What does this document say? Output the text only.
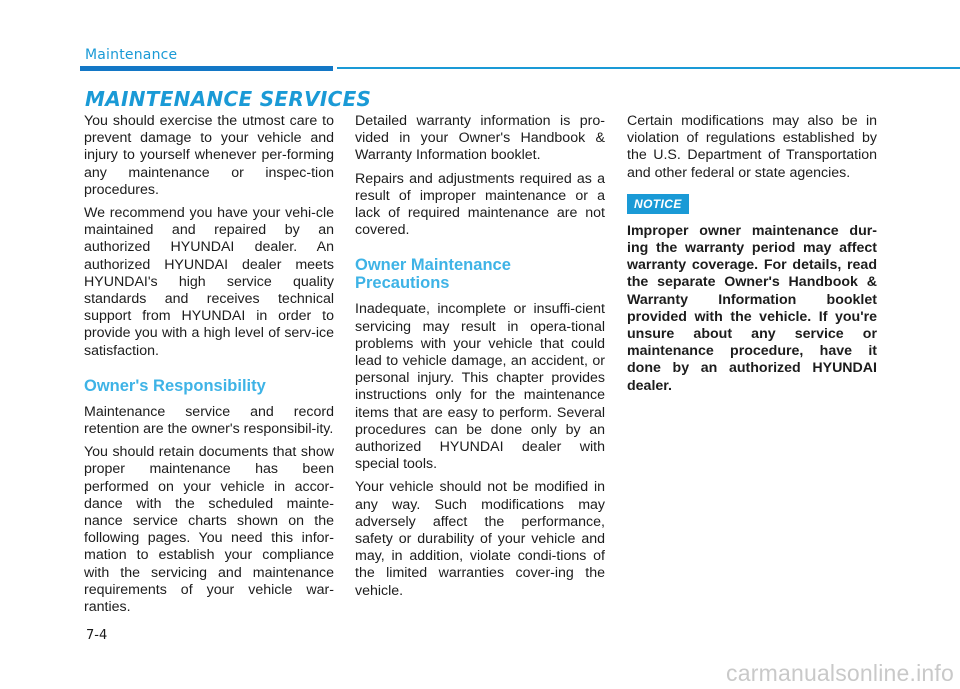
Maintenance
MAINTENANCE SERVICES

You should exercise the utmost care to prevent damage to your vehicle and injury to yourself whenever per-forming any maintenance or inspec-tion procedures.

We recommend you have your vehi-cle maintained and repaired by an authorized HYUNDAI dealer. An authorized HYUNDAI dealer meets HYUNDAI's high service quality standards and receives technical support from HYUNDAI in order to provide you with a high level of serv-ice satisfaction.

Owner's Responsibility

Maintenance service and record retention are the owner's responsibil-ity.

You should retain documents that show proper maintenance has been performed on your vehicle in accor-dance with the scheduled mainte-nance service charts shown on the following pages. You need this infor-mation to establish your compliance with the servicing and maintenance requirements of your vehicle war-ranties.

Detailed warranty information is pro-vided in your Owner's Handbook & Warranty Information booklet.

Repairs and adjustments required as a result of improper maintenance or a lack of required maintenance are not covered.

Owner Maintenance Precautions

Inadequate, incomplete or insuffi-cient servicing may result in opera-tional problems with your vehicle that could lead to vehicle damage, an accident, or personal injury. This chapter provides instructions only for the maintenance items that are easy to perform. Several procedures can be done only by an authorized HYUNDAI dealer with special tools.

Your vehicle should not be modified in any way. Such modifications may adversely affect the performance, safety or durability of your vehicle and may, in addition, violate condi-tions of the limited warranties cover-ing the vehicle.

Certain modifications may also be in violation of regulations established by the U.S. Department of Transportation and other federal or state agencies.

NOTICE

Improper owner maintenance dur-ing the warranty period may affect warranty coverage. For details, read the separate Owner's Handbook & Warranty Information booklet provided with the vehicle. If you're unsure about any service or maintenance procedure, have it done by an authorized HYUNDAI dealer.

7-4
carmanualsonline.info
